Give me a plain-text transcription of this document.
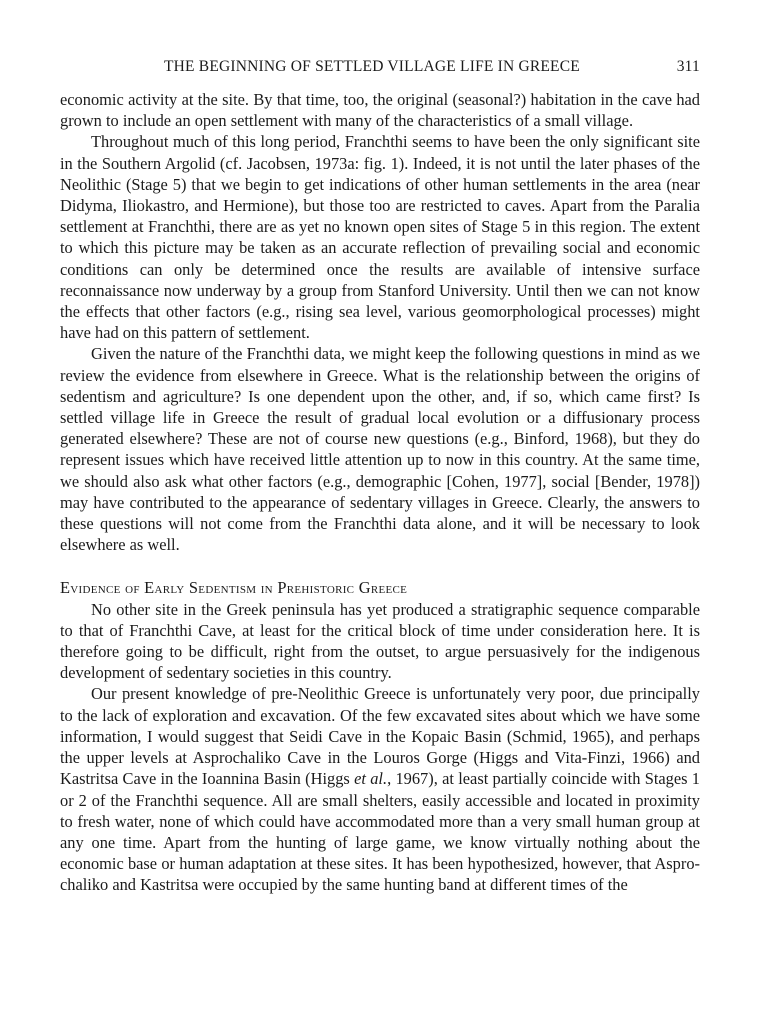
THE BEGINNING OF SETTLED VILLAGE LIFE IN GREECE	311

economic activity at the site. By that time, too, the original (seasonal?) habitation in the cave had grown to include an open settlement with many of the characteristics of a small village.

Throughout much of this long period, Franchthi seems to have been the only significant site in the Southern Argolid (cf. Jacobsen, 1973a: fig. 1). Indeed, it is not until the later phases of the Neolithic (Stage 5) that we begin to get indications of other human settlements in the area (near Didyma, Iliokastro, and Hermione), but those too are restricted to caves. Apart from the Paralia settlement at Franchthi, there are as yet no known open sites of Stage 5 in this region. The extent to which this picture may be taken as an accurate reflection of prevailing social and economic conditions can only be determined once the results are available of intensive surface reconnaissance now underway by a group from Stanford University. Until then we can not know the effects that other factors (e.g., rising sea level, various geomorphological processes) might have had on this pattern of settlement.

Given the nature of the Franchthi data, we might keep the following questions in mind as we review the evidence from elsewhere in Greece. What is the relationship between the origins of sedentism and agriculture? Is one dependent upon the other, and, if so, which came first? Is settled village life in Greece the result of gradual local evolution or a diffusionary process generated elsewhere? These are not of course new questions (e.g., Binford, 1968), but they do represent issues which have received little attention up to now in this country. At the same time, we should also ask what other factors (e.g., demographic [Cohen, 1977], social [Bender, 1978]) may have contributed to the appearance of sedentary villages in Greece. Clearly, the answers to these questions will not come from the Franchthi data alone, and it will be necessary to look elsewhere as well.

Evidence of Early Sedentism in Prehistoric Greece

No other site in the Greek peninsula has yet produced a stratigraphic sequence comparable to that of Franchthi Cave, at least for the critical block of time under consideration here. It is therefore going to be difficult, right from the outset, to argue persuasively for the indigenous development of sedentary societies in this country.

Our present knowledge of pre-Neolithic Greece is unfortunately very poor, due principally to the lack of exploration and excavation. Of the few excavated sites about which we have some information, I would suggest that Seidi Cave in the Kopaic Basin (Schmid, 1965), and perhaps the upper levels at Asprochaliko Cave in the Louros Gorge (Higgs and Vita-Finzi, 1966) and Kastritsa Cave in the Ioannina Basin (Higgs et al., 1967), at least partially coincide with Stages 1 or 2 of the Franchthi sequence. All are small shelters, easily accessible and located in proximity to fresh water, none of which could have accommodated more than a very small human group at any one time. Apart from the hunting of large game, we know virtually nothing about the economic base or human adaptation at these sites. It has been hypothesized, however, that Asprochaliko and Kastritsa were occupied by the same hunting band at different times of the
